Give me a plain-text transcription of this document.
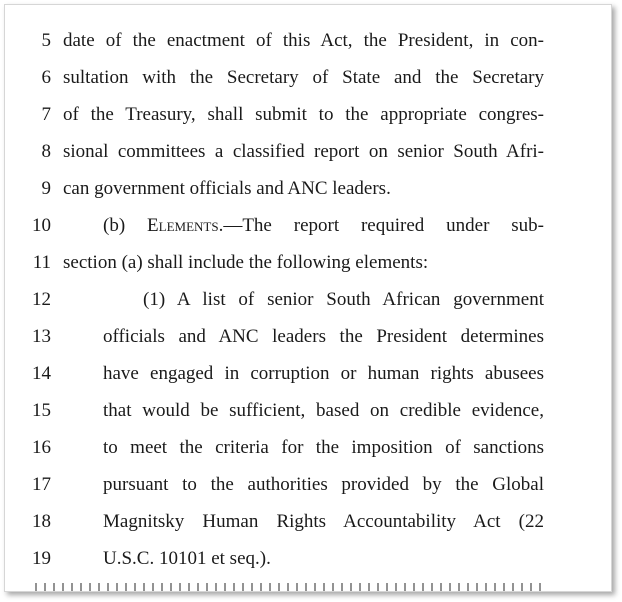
5 date of the enactment of this Act, the President, in con-
6 sultation with the Secretary of State and the Secretary
7 of the Treasury, shall submit to the appropriate congres-
8 sional committees a classified report on senior South Afri-
9 can government officials and ANC leaders.
10	(b) Elements.—The report required under sub-
11 section (a) shall include the following elements:
12	(1) A list of senior South African government
13	officials and ANC leaders the President determines
14	have engaged in corruption or human rights abusees
15	that would be sufficient, based on credible evidence,
16	to meet the criteria for the imposition of sanctions
17	pursuant to the authorities provided by the Global
18	Magnitsky Human Rights Accountability Act (22
19	U.S.C. 10101 et seq.).
